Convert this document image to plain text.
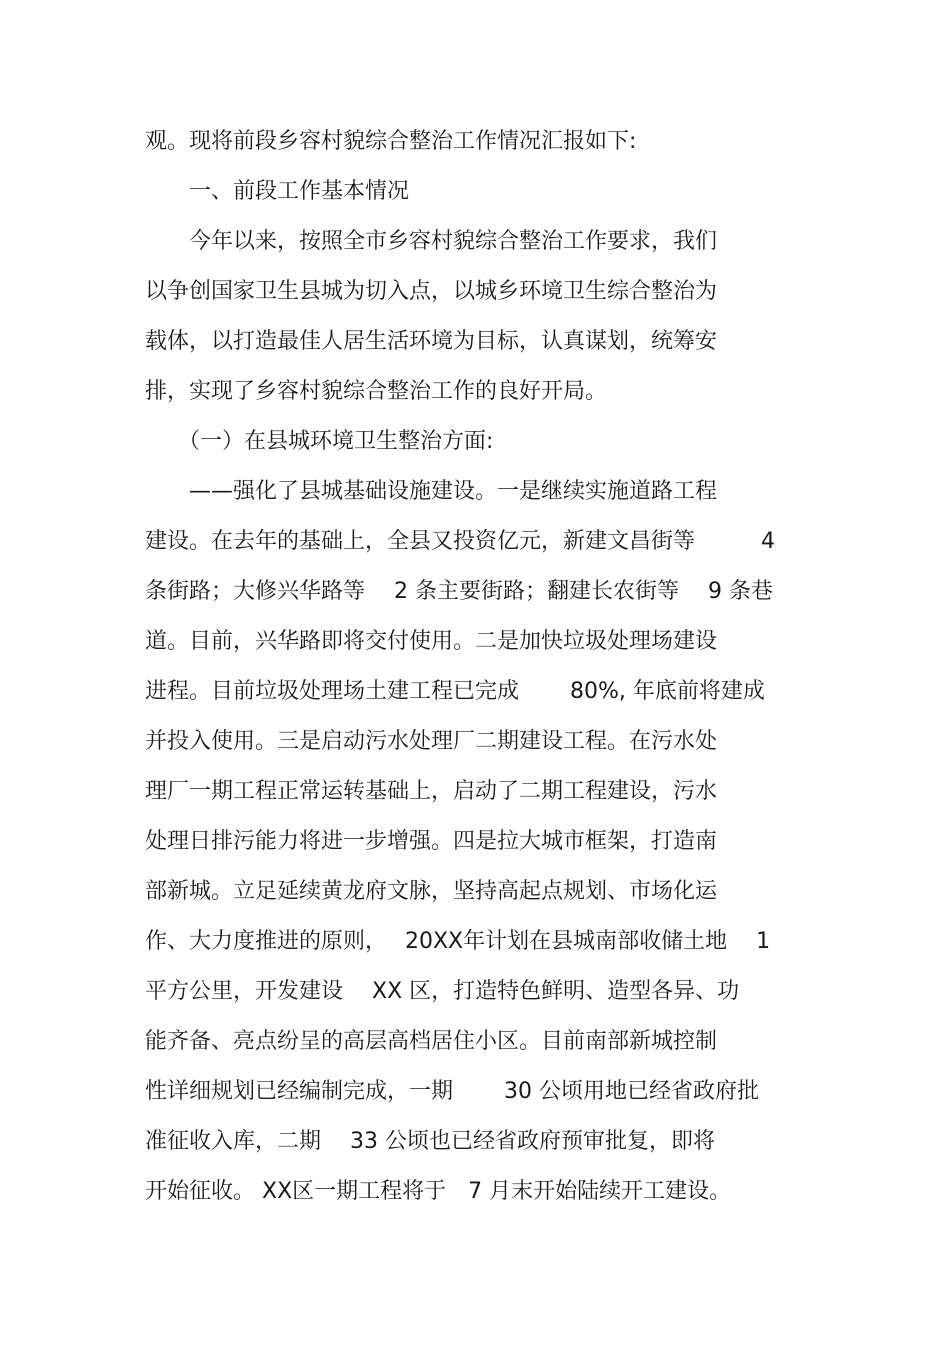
观。现将前段乡容村貌综合整治工作情况汇报如下:
　　一、前段工作基本情况
　　今年以来，按照全市乡容村貌综合整治工作要求，我们
以争创国家卫生县城为切入点，以城乡环境卫生综合整治为
载体，以打造最佳人居生活环境为目标，认真谋划，统筹安
排，实现了乡容村貌综合整治工作的良好开局。
　　（一）在县城环境卫生整治方面:
　　——强化了县城基础设施建设。一是继续实施道路工程
建设。在去年的基础上，全县又投资亿元，新建文昌街等　　　4
条街路；大修兴华路等　 2 条主要街路；翻建长农街等　 9 条巷
道。目前，兴华路即将交付使用。二是加快垃圾处理场建设
进程。目前垃圾处理场土建工程已完成　　 80%, 年底前将建成
并投入使用。三是启动污水处理厂二期建设工程。在污水处
理厂一期工程正常运转基础上，启动了二期工程建设，污水
处理日排污能力将进一步增强。四是拉大城市框架，打造南
部新城。立足延续黄龙府文脉，坚持高起点规划、市场化运
作、大力度推进的原则，　 20XX年计划在县城南部收储土地　 1
平方公里，开发建设　 XX 区，打造特色鲜明、造型各异、功
能齐备、亮点纷呈的高层高档居住小区。目前南部新城控制
性详细规划已经编制完成，一期　　 30 公顷用地已经省政府批
准征收入库，二期　 33 公顷也已经省政府预审批复，即将
开始征收。 XX区一期工程将于　7 月末开始陆续开工建设。
